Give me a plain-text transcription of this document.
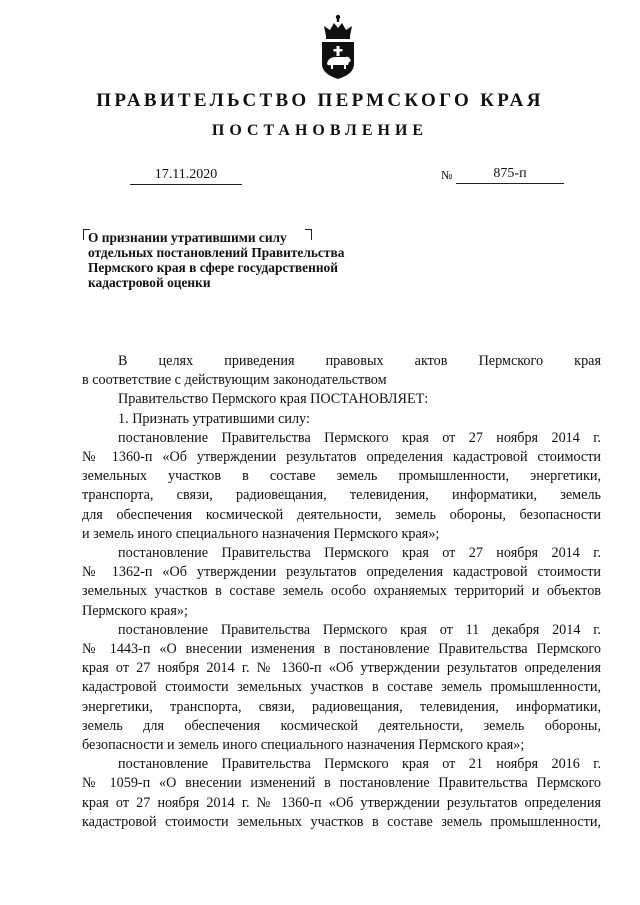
ПРАВИТЕЛЬСТВО ПЕРМСКОГО КРАЯ
ПОСТАНОВЛЕНИЕ
17.11.2020	№	875-п
О признании утратившими силу
отдельных постановлений Правительства
Пермского края в сфере государственной
кадастровой оценки
В целях приведения правовых актов Пермского края
в соответствие с действующим законодательством
Правительство Пермского края ПОСТАНОВЛЯЕТ:
1. Признать утратившими силу:
постановление Правительства Пермского края от 27 ноября 2014 г.
№ 1360-п «Об утверждении результатов определения кадастровой стоимости
земельных участков в составе земель промышленности, энергетики,
транспорта, связи, радиовещания, телевидения, информатики, земель
для обеспечения космической деятельности, земель обороны, безопасности
и земель иного специального назначения Пермского края»;
постановление Правительства Пермского края от 27 ноября 2014 г.
№ 1362-п «Об утверждении результатов определения кадастровой стоимости
земельных участков в составе земель особо охраняемых территорий и объектов
Пермского края»;
постановление Правительства Пермского края от 11 декабря 2014 г.
№ 1443-п «О внесении изменения в постановление Правительства Пермского
края от 27 ноября 2014 г. № 1360-п «Об утверждении результатов определения
кадастровой стоимости земельных участков в составе земель промышленности,
энергетики, транспорта, связи, радиовещания, телевидения, информатики,
земель для обеспечения космической деятельности, земель обороны,
безопасности и земель иного специального назначения Пермского края»;
постановление Правительства Пермского края от 21 ноября 2016 г.
№ 1059-п «О внесении изменений в постановление Правительства Пермского
края от 27 ноября 2014 г. № 1360-п «Об утверждении результатов определения
кадастровой стоимости земельных участков в составе земель промышленности,
